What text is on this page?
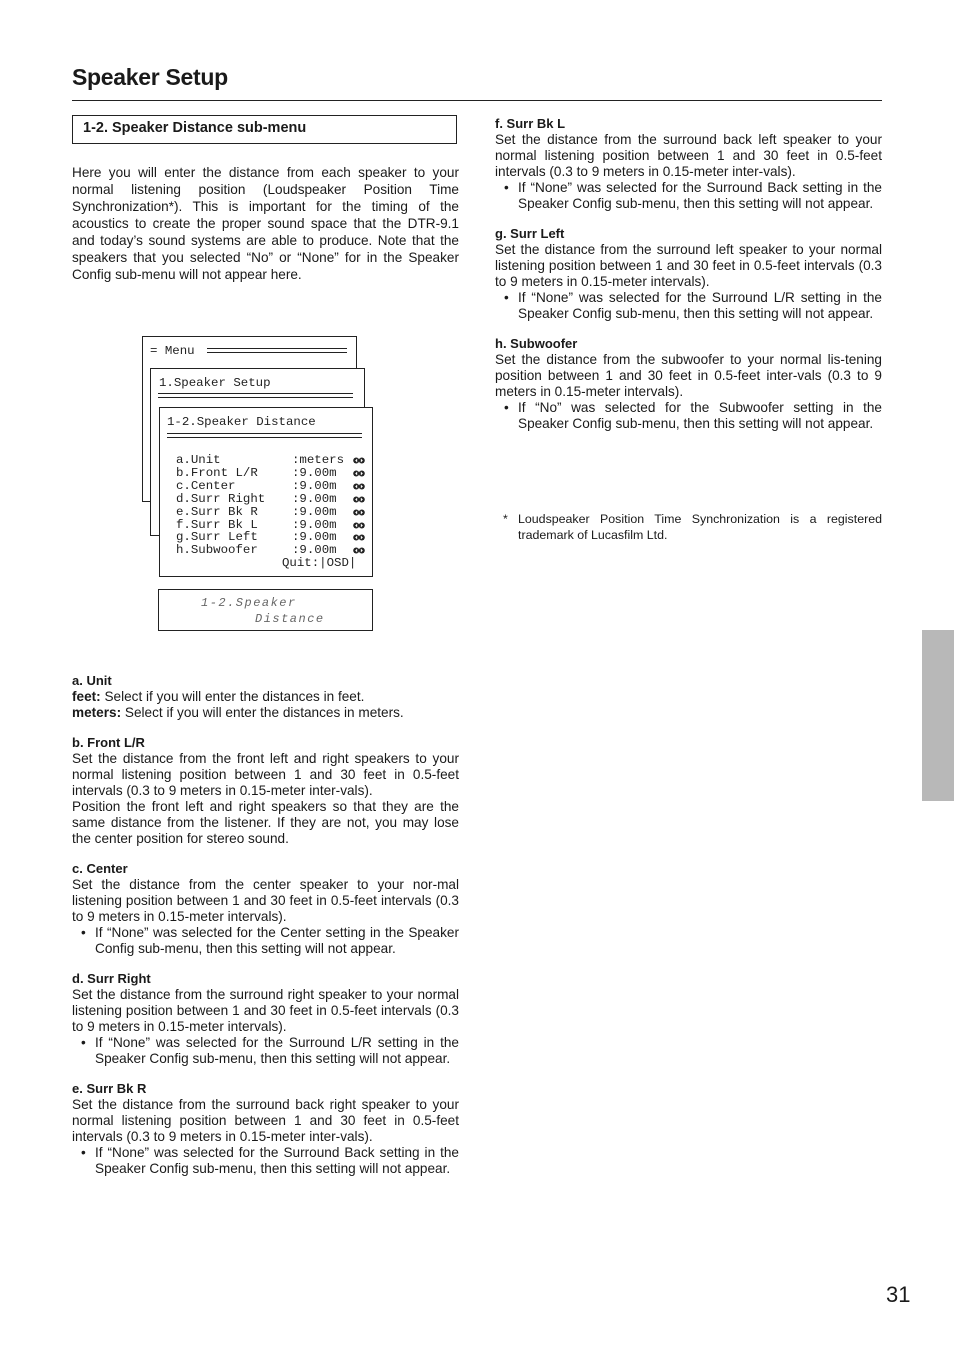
Speaker Setup
1-2. Speaker Distance sub-menu

Here you will enter the distance from each speaker to your normal listening position (Loudspeaker Position Time Synchronization*). This is important for the timing of the acoustics to create the proper sound space that the DTR-9.1 and today’s sound systems are able to produce. Note that the speakers that you selected “No” or “None” for in the Speaker Config sub-menu will not appear here.

= Menu
1.Speaker Setup
1-2.Speaker Distance
a.Unit	:meters
b.Front L/R	:9.00m
c.Center	:9.00m
d.Surr Right :9.00m
e.Surr Bk R	:9.00m
f.Surr Bk L	:9.00m
g.Surr Left	:9.00m
h.Subwoofer	:9.00m
Quit:|OSD|
1-2.Speaker
Distance

a. Unit

feet: Select if you will enter the distances in feet.

meters: Select if you will enter the distances in meters.

b. Front L/R

Set the distance from the front left and right speakers to your normal listening position between 1 and 30 feet in 0.5-feet intervals (0.3 to 9 meters in 0.15-meter inter-vals).

Position the front left and right speakers so that they are the same distance from the listener. If they are not, you may lose the center position for stereo sound.

c. Center

Set the distance from the center speaker to your nor-mal listening position between 1 and 30 feet in 0.5-feet intervals (0.3 to 9 meters in 0.15-meter intervals).

• If “None” was selected for the Center setting in the Speaker Config sub-menu, then this setting will not appear.

d. Surr Right

Set the distance from the surround right speaker to your normal listening position between 1 and 30 feet in 0.5-feet intervals (0.3 to 9 meters in 0.15-meter intervals).

• If “None” was selected for the Surround L/R setting in the Speaker Config sub-menu, then this setting will not appear.

e. Surr Bk R

Set the distance from the surround back right speaker to your normal listening position between 1 and 30 feet in 0.5-feet intervals (0.3 to 9 meters in 0.15-meter inter-vals).

• If “None” was selected for the Surround Back setting in the Speaker Config sub-menu, then this setting will not appear.

f. Surr Bk L

Set the distance from the surround back left speaker to your normal listening position between 1 and 30 feet in 0.5-feet intervals (0.3 to 9 meters in 0.15-meter inter-vals).

• If “None” was selected for the Surround Back setting in the Speaker Config sub-menu, then this setting will not appear.

g. Surr Left

Set the distance from the surround left speaker to your normal listening position between 1 and 30 feet in 0.5-feet intervals (0.3 to 9 meters in 0.15-meter intervals).

• If “None” was selected for the Surround L/R setting in the Speaker Config sub-menu, then this setting will not appear.

h. Subwoofer

Set the distance from the subwoofer to your normal lis-tening position between 1 and 30 feet in 0.5-feet inter-vals (0.3 to 9 meters in 0.15-meter intervals).

• If “No” was selected for the Subwoofer setting in the Speaker Config sub-menu, then this setting will not appear.
* Loudspeaker Position Time Synchronization is a registered trademark of Lucasfilm Ltd.
31
